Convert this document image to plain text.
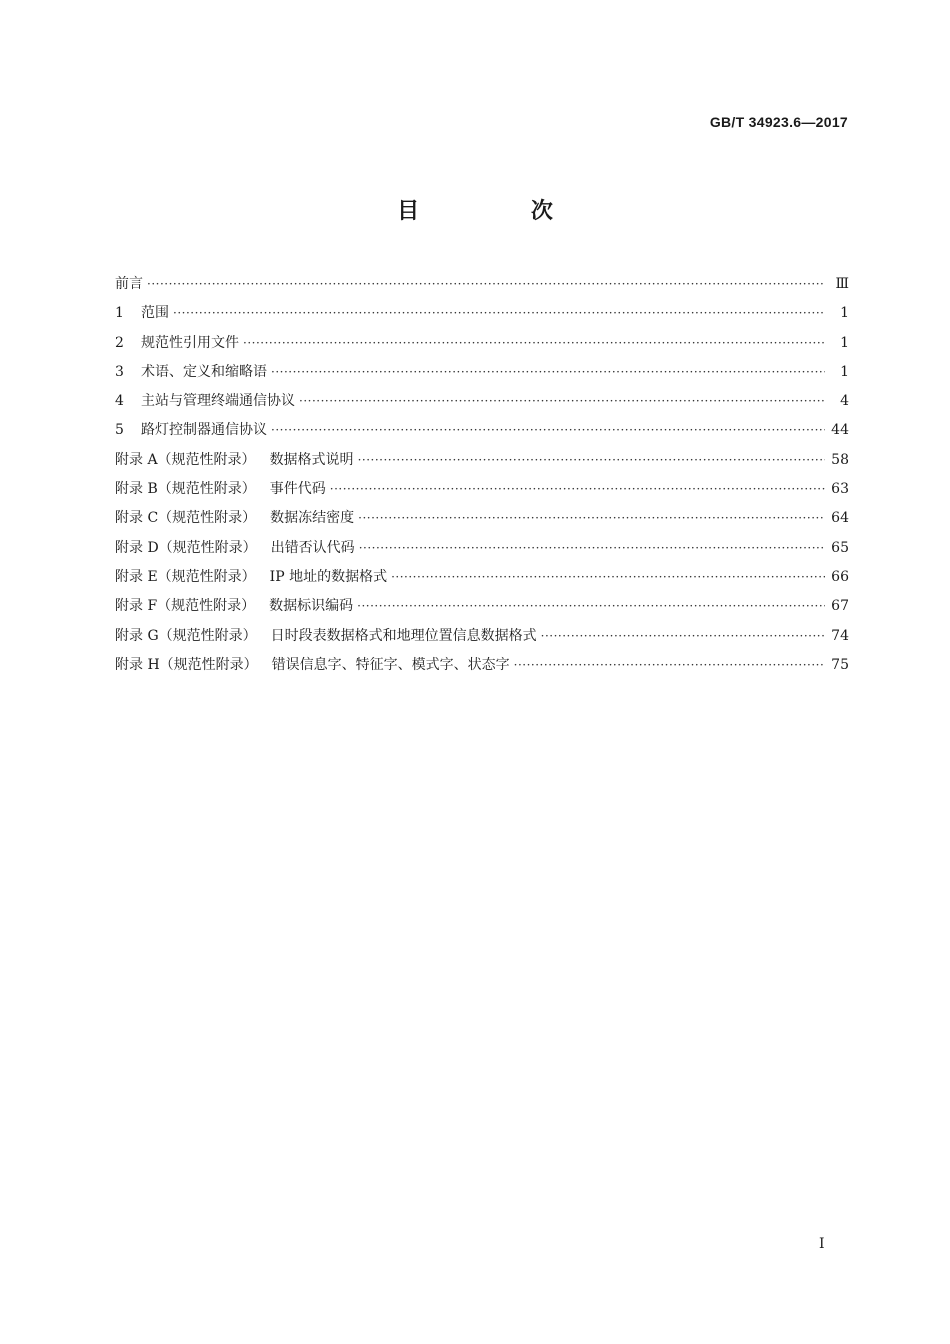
GB/T 34923.6—2017
目 次
前言 ·····	Ⅲ
1	范围 ·····	1
2	规范性引用文件 ·····	1
3	术语、定义和缩略语 ·····	1
4	主站与管理终端通信协议 ·····	4
5	路灯控制器通信协议 ·····	44
附录 A（规范性附录） 数据格式说明 ·····	58
附录 B（规范性附录） 事件代码 ·····	63
附录 C（规范性附录） 数据冻结密度 ·····	64
附录 D（规范性附录） 出错否认代码 ·····	65
附录 E（规范性附录） IP 地址的数据格式 ·····	66
附录 F（规范性附录） 数据标识编码 ·····	67
附录 G（规范性附录） 日时段表数据格式和地理位置信息数据格式 ·····	74
附录 H（规范性附录） 错误信息字、特征字、模式字、状态字 ·····	75
Ⅰ
